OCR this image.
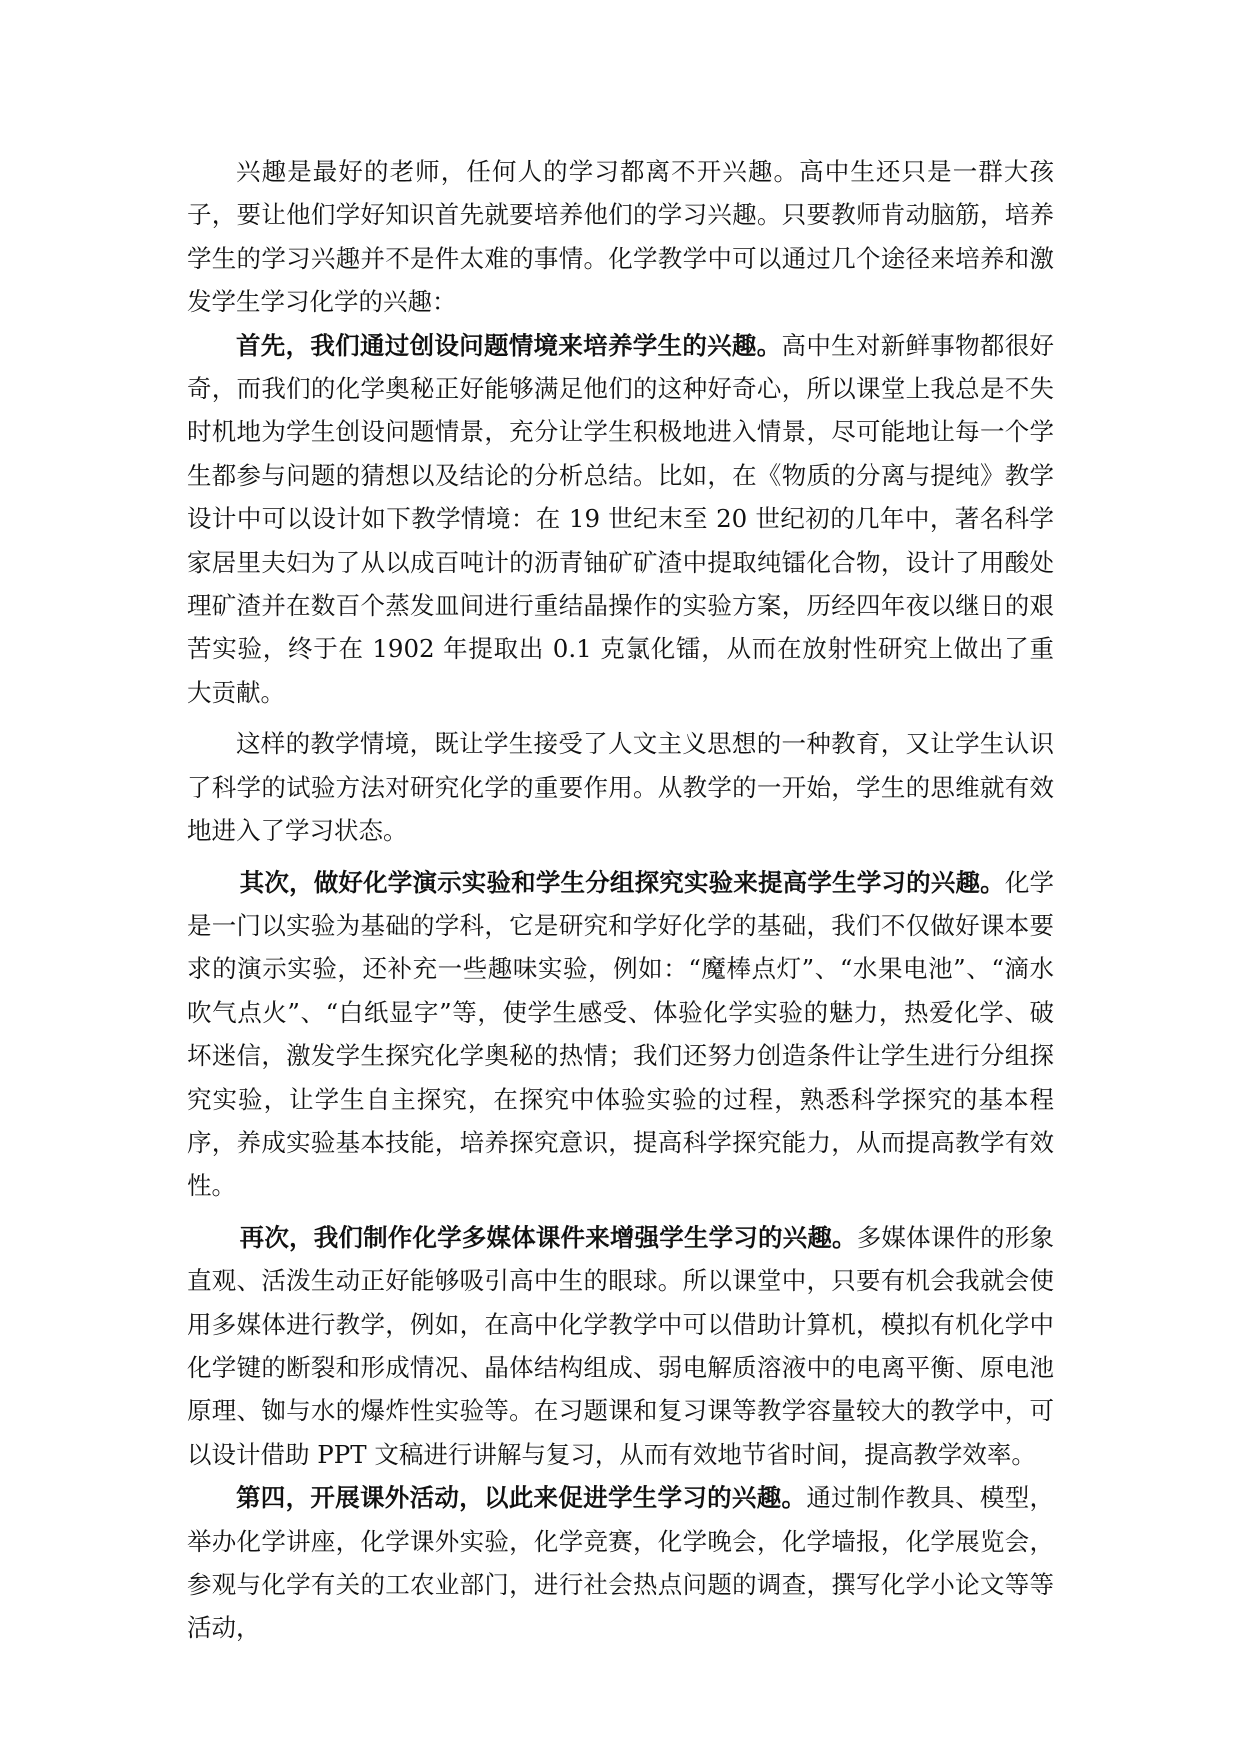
兴趣是最好的老师，任何人的学习都离不开兴趣。高中生还只是一群大孩子，要让他们学好知识首先就要培养他们的学习兴趣。只要教师肯动脑筋，培养学生的学习兴趣并不是件太难的事情。化学教学中可以通过几个途径来培养和激发学生学习化学的兴趣：

首先，我们通过创设问题情境来培养学生的兴趣。高中生对新鲜事物都很好奇，而我们的化学奥秘正好能够满足他们的这种好奇心，所以课堂上我总是不失时机地为学生创设问题情景，充分让学生积极地进入情景，尽可能地让每一个学生都参与问题的猜想以及结论的分析总结。比如，在《物质的分离与提纯》教学设计中可以设计如下教学情境：在 19 世纪末至 20 世纪初的几年中，著名科学家居里夫妇为了从以成百吨计的沥青铀矿矿渣中提取纯镭化合物，设计了用酸处理矿渣并在数百个蒸发皿间进行重结晶操作的实验方案，历经四年夜以继日的艰苦实验，终于在 1902 年提取出 0.1 克氯化镭，从而在放射性研究上做出了重大贡献。

这样的教学情境，既让学生接受了人文主义思想的一种教育，又让学生认识了科学的试验方法对研究化学的重要作用。从教学的一开始，学生的思维就有效地进入了学习状态。

其次，做好化学演示实验和学生分组探究实验来提高学生学习的兴趣。化学是一门以实验为基础的学科，它是研究和学好化学的基础，我们不仅做好课本要求的演示实验，还补充一些趣味实验，例如：“魔棒点灯”、“水果电池”、“滴水吹气点火”、“白纸显字”等，使学生感受、体验化学实验的魅力，热爱化学、破坏迷信，激发学生探究化学奥秘的热情；我们还努力创造条件让学生进行分组探究实验，让学生自主探究，在探究中体验实验的过程，熟悉科学探究的基本程序，养成实验基本技能，培养探究意识，提高科学探究能力，从而提高教学有效性。

再次，我们制作化学多媒体课件来增强学生学习的兴趣。多媒体课件的形象直观、活泼生动正好能够吸引高中生的眼球。所以课堂中，只要有机会我就会使用多媒体进行教学，例如，在高中化学教学中可以借助计算机，模拟有机化学中化学键的断裂和形成情况、晶体结构组成、弱电解质溶液中的电离平衡、原电池原理、铷与水的爆炸性实验等。在习题课和复习课等教学容量较大的教学中，可以设计借助 PPT 文稿进行讲解与复习，从而有效地节省时间，提高教学效率。

第四，开展课外活动，以此来促进学生学习的兴趣。通过制作教具、模型，举办化学讲座，化学课外实验，化学竞赛，化学晚会，化学墙报，化学展览会，参观与化学有关的工农业部门，进行社会热点问题的调查，撰写化学小论文等等活动，
